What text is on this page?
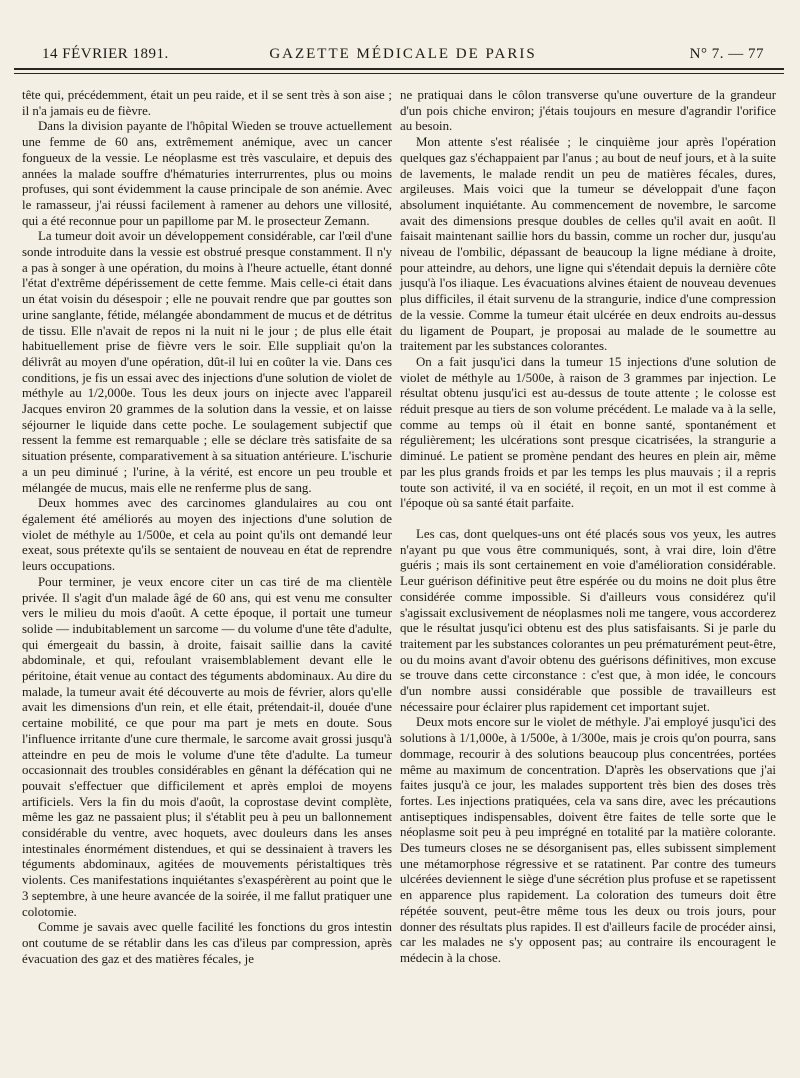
14 FÉVRIER 1891.	GAZETTE MÉDICALE DE PARIS	N° 7. — 77

tête qui, précédemment, était un peu raide, et il se sent très à son aise ; il n'a jamais eu de fièvre.

Dans la division payante de l'hôpital Wieden se trouve actuellement une femme de 60 ans, extrêmement anémique, avec un cancer fongueux de la vessie. Le néoplasme est très vasculaire, et depuis des années la malade souffre d'hématuries interrurrentes, plus ou moins profuses, qui sont évidemment la cause principale de son anémie. Avec le ramasseur, j'ai réussi facilement à ramener au dehors une villosité, qui a été reconnue pour un papillome par M. le prosecteur Zemann.

La tumeur doit avoir un développement considérable, car l'œil d'une sonde introduite dans la vessie est obstrué presque constamment. Il n'y a pas à songer à une opération, du moins à l'heure actuelle, étant donné l'état d'extrême dépérissement de cette femme. Mais celle-ci était dans un état voisin du désespoir ; elle ne pouvait rendre que par gouttes son urine sanglante, fétide, mélangée abondamment de mucus et de détritus de tissu. Elle n'avait de repos ni la nuit ni le jour ; de plus elle était habituellement prise de fièvre vers le soir. Elle suppliait qu'on la délivrât au moyen d'une opération, dût-il lui en coûter la vie. Dans ces conditions, je fis un essai avec des injections d'une solution de violet de méthyle au 1/2,000e. Tous les deux jours on injecte avec l'appareil Jacques environ 20 grammes de la solution dans la vessie, et on laisse séjourner le liquide dans cette poche. Le soulagement subjectif que ressent la femme est remarquable ; elle se déclare très satisfaite de sa situation présente, comparativement à sa situation antérieure. L'ischurie a un peu diminué ; l'urine, à la vérité, est encore un peu trouble et mélangée de mucus, mais elle ne renferme plus de sang.

Deux hommes avec des carcinomes glandulaires au cou ont également été améliorés au moyen des injections d'une solution de violet de méthyle au 1/500e, et cela au point qu'ils ont demandé leur exeat, sous prétexte qu'ils se sentaient de nouveau en état de reprendre leurs occupations.

Pour terminer, je veux encore citer un cas tiré de ma clientèle privée. Il s'agit d'un malade âgé de 60 ans, qui est venu me consulter vers le milieu du mois d'août. A cette époque, il portait une tumeur solide — indubitablement un sarcome — du volume d'une tête d'adulte, qui émergeait du bassin, à droite, faisait saillie dans la cavité abdominale, et qui, refoulant vraisemblablement devant elle le péritoine, était venue au contact des téguments abdominaux. Au dire du malade, la tumeur avait été découverte au mois de février, alors qu'elle avait les dimensions d'un rein, et elle était, prétendait-il, douée d'une certaine mobilité, ce que pour ma part je mets en doute. Sous l'influence irritante d'une cure thermale, le sarcome avait grossi jusqu'à atteindre en peu de mois le volume d'une tête d'adulte. La tumeur occasionnait des troubles considérables en gênant la défécation qui ne pouvait s'effectuer que difficilement et après emploi de moyens artificiels. Vers la fin du mois d'août, la coprostase devint complète, même les gaz ne passaient plus; il s'établit peu à peu un ballonnement considérable du ventre, avec hoquets, avec douleurs dans les anses intestinales énormément distendues, et qui se dessinaient à travers les téguments abdominaux, agitées de mouvements péristaltiques très violents. Ces manifestations inquiétantes s'exaspérèrent au point que le 3 septembre, à une heure avancée de la soirée, il me fallut pratiquer une colotomie.

Comme je savais avec quelle facilité les fonctions du gros intestin ont coutume de se rétablir dans les cas d'ileus par compression, après évacuation des gaz et des matières fécales, je

ne pratiquai dans le côlon transverse qu'une ouverture de la grandeur d'un pois chiche environ; j'étais toujours en mesure d'agrandir l'orifice au besoin.

Mon attente s'est réalisée ; le cinquième jour après l'opération quelques gaz s'échappaient par l'anus ; au bout de neuf jours, et à la suite de lavements, le malade rendit un peu de matières fécales, dures, argileuses. Mais voici que la tumeur se développait d'une façon absolument inquiétante. Au commencement de novembre, le sarcome avait des dimensions presque doubles de celles qu'il avait en août. Il faisait maintenant saillie hors du bassin, comme un rocher dur, jusqu'au niveau de l'ombilic, dépassant de beaucoup la ligne médiane à droite, pour atteindre, au dehors, une ligne qui s'étendait depuis la dernière côte jusqu'à l'os iliaque. Les évacuations alvines étaient de nouveau devenues plus difficiles, il était survenu de la strangurie, indice d'une compression de la vessie. Comme la tumeur était ulcérée en deux endroits au-dessus du ligament de Poupart, je proposai au malade de le soumettre au traitement par les substances colorantes.

On a fait jusqu'ici dans la tumeur 15 injections d'une solution de violet de méthyle au 1/500e, à raison de 3 grammes par injection. Le résultat obtenu jusqu'ici est au-dessus de toute attente ; le colosse est réduit presque au tiers de son volume précédent. Le malade va à la selle, comme au temps où il était en bonne santé, spontanément et régulièrement; les ulcérations sont presque cicatrisées, la strangurie a diminué. Le patient se promène pendant des heures en plein air, même par les plus grands froids et par les temps les plus mauvais ; il a repris toute son activité, il va en société, il reçoit, en un mot il est comme à l'époque où sa santé était parfaite.

Les cas, dont quelques-uns ont été placés sous vos yeux, les autres n'ayant pu que vous être communiqués, sont, à vrai dire, loin d'être guéris ; mais ils sont certainement en voie d'amélioration considérable. Leur guérison définitive peut être espérée ou du moins ne doit plus être considérée comme impossible. Si d'ailleurs vous considérez qu'il s'agissait exclusivement de néoplasmes noli me tangere, vous accorderez que le résultat jusqu'ici obtenu est des plus satisfaisants. Si je parle du traitement par les substances colorantes un peu prématurément peut-être, ou du moins avant d'avoir obtenu des guérisons définitives, mon excuse se trouve dans cette circonstance : c'est que, à mon idée, le concours d'un nombre aussi considérable que possible de travailleurs est nécessaire pour éclairer plus rapidement cet important sujet.

Deux mots encore sur le violet de méthyle. J'ai employé jusqu'ici des solutions à 1/1,000e, à 1/500e, à 1/300e, mais je crois qu'on pourra, sans dommage, recourir à des solutions beaucoup plus concentrées, portées même au maximum de concentration. D'après les observations que j'ai faites jusqu'à ce jour, les malades supportent très bien des doses très fortes. Les injections pratiquées, cela va sans dire, avec les précautions antiseptiques indispensables, doivent être faites de telle sorte que le néoplasme soit peu à peu imprégné en totalité par la matière colorante. Des tumeurs closes ne se désorganisent pas, elles subissent simplement une métamorphose régressive et se ratatinent. Par contre des tumeurs ulcérées deviennent le siège d'une sécrétion plus profuse et se rapetissent en apparence plus rapidement. La coloration des tumeurs doit être répétée souvent, peut-être même tous les deux ou trois jours, pour donner des résultats plus rapides. Il est d'ailleurs facile de procéder ainsi, car les malades ne s'y opposent pas; au contraire ils encouragent le médecin à la chose.
